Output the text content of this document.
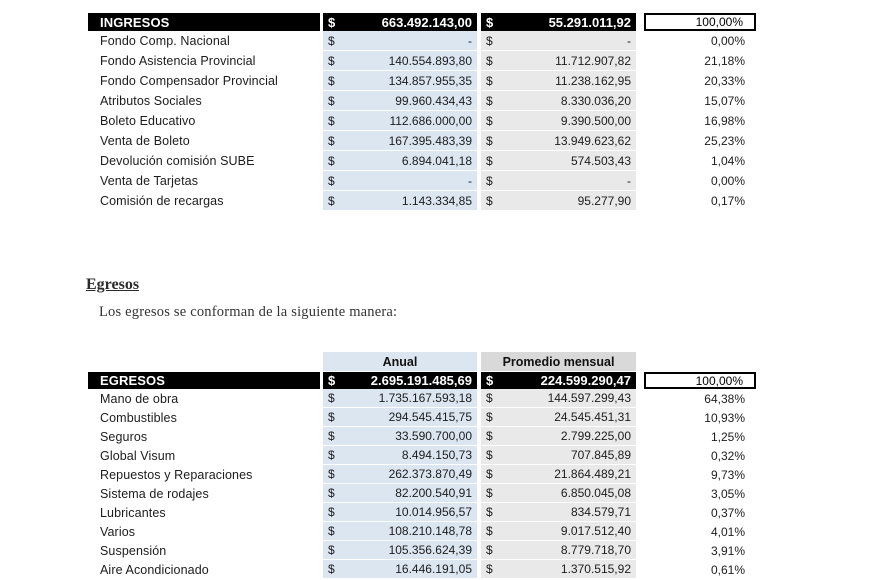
INGRESOS	$	663.492.143,00 $	55.291.011,92	100,00%
Fondo Comp. Nacional	$	- $	-	0,00%
Fondo Asistencia Provincial	$	140.554.893,80 $	11.712.907,82	21,18%
Fondo Compensador Provincial	$	134.857.955,35 $	11.238.162,95	20,33%
Atributos Sociales	$	99.960.434,43 $	8.330.036,20	15,07%
Boleto Educativo	$	112.686.000,00 $	9.390.500,00	16,98%
Venta de Boleto	$	167.395.483,39 $	13.949.623,62	25,23%
Devolución comisión SUBE	$	6.894.041,18 $	574.503,43	1,04%
Venta de Tarjetas	$	- $	-	0,00%
Comisión de recargas	$	1.143.334,85 $	95.277,90	0,17%
Egresos

Los egresos se conforman de la siguiente manera:

Anual	Promedio mensual
EGRESOS	$	2.695.191.485,69 $	224.599.290,47	100,00%
Mano de obra	$	1.735.167.593,18 $	144.597.299,43	64,38%
Combustibles	$	294.545.415,75 $	24.545.451,31	10,93%
Seguros	$	33.590.700,00 $	2.799.225,00	1,25%
Global Visum	$	8.494.150,73 $	707.845,89	0,32%
Repuestos y Reparaciones	$	262.373.870,49 $	21.864.489,21	9,73%
Sistema de rodajes	$	82.200.540,91 $	6.850.045,08	3,05%
Lubricantes	$	10.014.956,57 $	834.579,71	0,37%
Varios	$	108.210.148,78 $	9.017.512,40	4,01%
Suspensión	$	105.356.624,39 $	8.779.718,70	3,91%
Aire Acondicionado	$	16.446.191,05 $	1.370.515,92	0,61%
